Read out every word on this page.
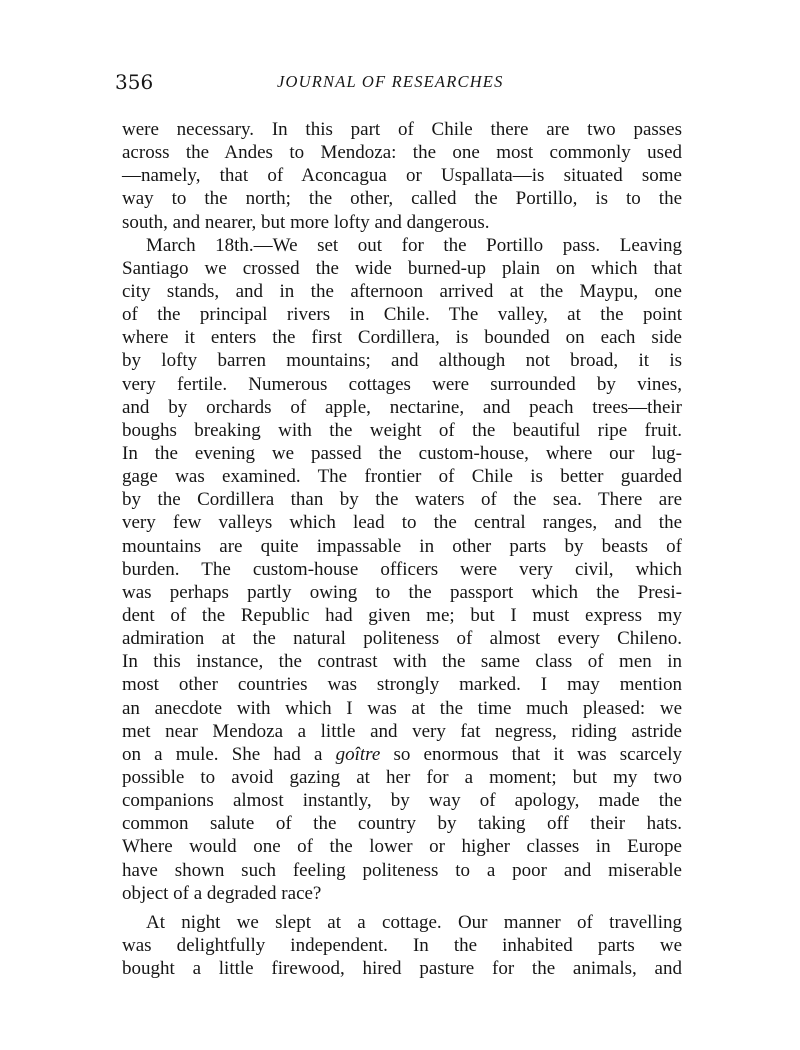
356	JOURNAL OF RESEARCHES
were necessary. In this part of Chile there are two passes
across the Andes to Mendoza: the one most commonly used
—namely, that of Aconcagua or Uspallata—is situated some
way to the north; the other, called the Portillo, is to the
south, and nearer, but more lofty and dangerous.
March 18th.—We set out for the Portillo pass. Leaving
Santiago we crossed the wide burned-up plain on which that
city stands, and in the afternoon arrived at the Maypu, one
of the principal rivers in Chile. The valley, at the point
where it enters the first Cordillera, is bounded on each side
by lofty barren mountains; and although not broad, it is
very fertile. Numerous cottages were surrounded by vines,
and by orchards of apple, nectarine, and peach trees—their
boughs breaking with the weight of the beautiful ripe fruit.
In the evening we passed the custom-house, where our lug-
gage was examined. The frontier of Chile is better guarded
by the Cordillera than by the waters of the sea. There are
very few valleys which lead to the central ranges, and the
mountains are quite impassable in other parts by beasts of
burden. The custom-house officers were very civil, which
was perhaps partly owing to the passport which the Presi-
dent of the Republic had given me; but I must express my
admiration at the natural politeness of almost every Chileno.
In this instance, the contrast with the same class of men in
most other countries was strongly marked. I may mention
an anecdote with which I was at the time much pleased: we
met near Mendoza a little and very fat negress, riding astride
on a mule. She had a goître so enormous that it was scarcely
possible to avoid gazing at her for a moment; but my two
companions almost instantly, by way of apology, made the
common salute of the country by taking off their hats.
Where would one of the lower or higher classes in Europe
have shown such feeling politeness to a poor and miserable
object of a degraded race?
At night we slept at a cottage. Our manner of travelling
was delightfully independent. In the inhabited parts we
bought a little firewood, hired pasture for the animals, and
